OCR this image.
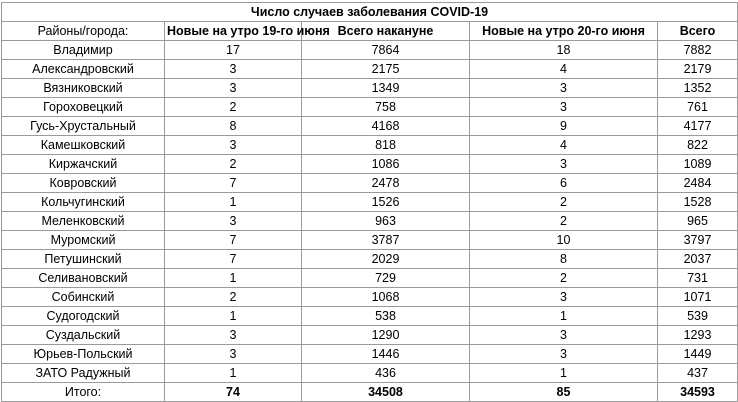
Число случаев заболевания COVID-19				
Районы/города:	Новые на утро 19-го июня	Всего накануне	Новые на утро 20-го июня	Всего
Владимир	17	7864	18	7882
Александровский	3	2175	4	2179
Вязниковский	3	1349	3	1352
Гороховецкий	2	758	3	761
Гусь-Хрустальный	8	4168	9	4177
Камешковский	3	818	4	822
Киржачский	2	1086	3	1089
Ковровский	7	2478	6	2484
Кольчугинский	1	1526	2	1528
Меленковский	3	963	2	965
Муромский	7	3787	10	3797
Петушинский	7	2029	8	2037
Селивановский	1	729	2	731
Собинский	2	1068	3	1071
Судогодский	1	538	1	539
Суздальский	3	1290	3	1293
Юрьев-Польский	3	1446	3	1449
ЗАТО Радужный	1	436	1	437
Итого:	74	34508	85	34593
